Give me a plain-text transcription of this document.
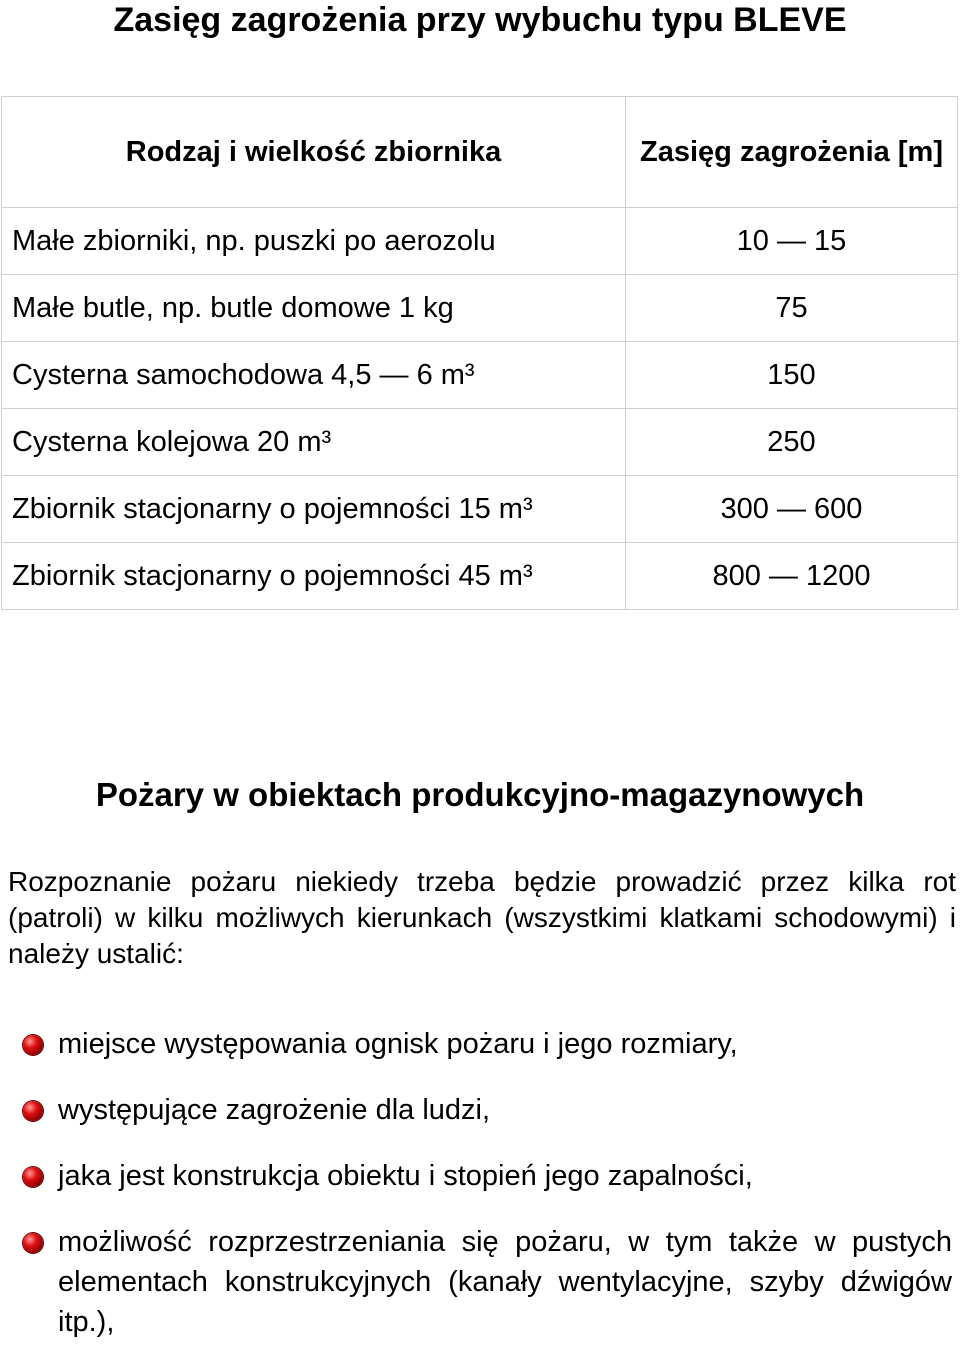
Zasięg zagrożenia przy wybuchu typu BLEVE
Rodzaj i wielkość zbiornika	Zasięg zagrożenia [m]
Małe zbiorniki, np. puszki po aerozolu	10 — 15
Małe butle, np. butle domowe 1 kg	75
Cysterna samochodowa 4,5 — 6 m³	150
Cysterna kolejowa 20 m³	250
Zbiornik stacjonarny o pojemności 15 m³	300 — 600
Zbiornik stacjonarny o pojemności 45 m³	800 — 1200
Pożary w obiektach produkcyjno-magazynowych

Rozpoznanie pożaru niekiedy trzeba będzie prowadzić przez kilka rot (patroli) w kilku możliwych kierunkach (wszystkimi klatkami schodowymi) i należy ustalić:

miejsce występowania ognisk pożaru i jego rozmiary,
występujące zagrożenie dla ludzi,
jaka jest konstrukcja obiektu i stopień jego zapalności,
możliwość rozprzestrzeniania się pożaru, w tym także w pustych elementach konstrukcyjnych (kanały wentylacyjne, szyby dźwigów itp.),
